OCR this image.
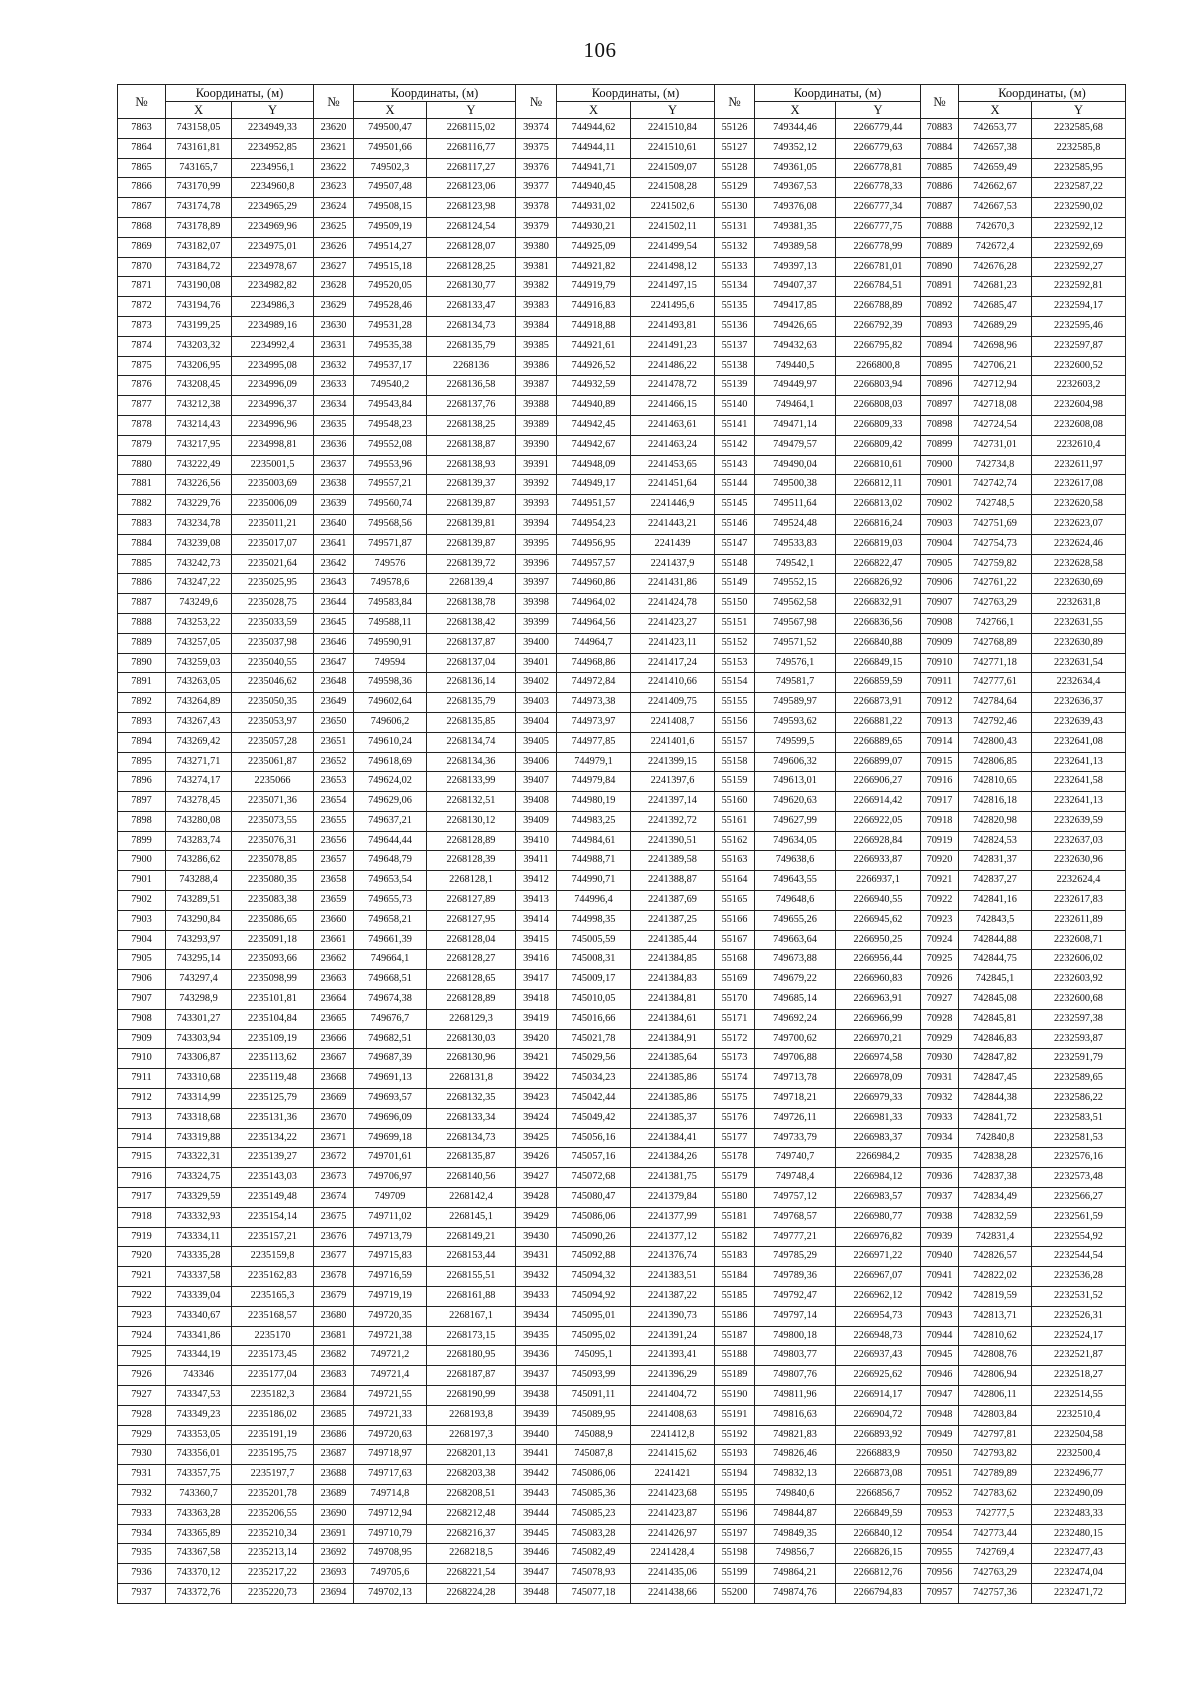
106
№	Координаты, (м)		№	Координаты, (м)		№	Координаты, (м)		№	Координаты, (м)		№	Координаты, (м)	
	X	Y		X	Y		X	Y		X	Y		X	Y
7863	743158,05	2234949,33	23620	749500,47	2268115,02	39374	744944,62	2241510,84	55126	749344,46	2266779,44	70883	742653,77	2232585,68
7864	743161,81	2234952,85	23621	749501,66	2268116,77	39375	744944,11	2241510,61	55127	749352,12	2266779,63	70884	742657,38	2232585,8
7865	743165,7	2234956,1	23622	749502,3	2268117,27	39376	744941,71	2241509,07	55128	749361,05	2266778,81	70885	742659,49	2232585,95
7866	743170,99	2234960,8	23623	749507,48	2268123,06	39377	744940,45	2241508,28	55129	749367,53	2266778,33	70886	742662,67	2232587,22
7867	743174,78	2234965,29	23624	749508,15	2268123,98	39378	744931,02	2241502,6	55130	749376,08	2266777,34	70887	742667,53	2232590,02
7868	743178,89	2234969,96	23625	749509,19	2268124,54	39379	744930,21	2241502,11	55131	749381,35	2266777,75	70888	742670,3	2232592,12
7869	743182,07	2234975,01	23626	749514,27	2268128,07	39380	744925,09	2241499,54	55132	749389,58	2266778,99	70889	742672,4	2232592,69
7870	743184,72	2234978,67	23627	749515,18	2268128,25	39381	744921,82	2241498,12	55133	749397,13	2266781,01	70890	742676,28	2232592,27
7871	743190,08	2234982,82	23628	749520,05	2268130,77	39382	744919,79	2241497,15	55134	749407,37	2266784,51	70891	742681,23	2232592,81
7872	743194,76	2234986,3	23629	749528,46	2268133,47	39383	744916,83	2241495,6	55135	749417,85	2266788,89	70892	742685,47	2232594,17
7873	743199,25	2234989,16	23630	749531,28	2268134,73	39384	744918,88	2241493,81	55136	749426,65	2266792,39	70893	742689,29	2232595,46
7874	743203,32	2234992,4	23631	749535,38	2268135,79	39385	744921,61	2241491,23	55137	749432,63	2266795,82	70894	742698,96	2232597,87
7875	743206,95	2234995,08	23632	749537,17	2268136	39386	744926,52	2241486,22	55138	749440,5	2266800,8	70895	742706,21	2232600,52
7876	743208,45	2234996,09	23633	749540,2	2268136,58	39387	744932,59	2241478,72	55139	749449,97	2266803,94	70896	742712,94	2232603,2
7877	743212,38	2234996,37	23634	749543,84	2268137,76	39388	744940,89	2241466,15	55140	749464,1	2266808,03	70897	742718,08	2232604,98
7878	743214,43	2234996,96	23635	749548,23	2268138,25	39389	744942,45	2241463,61	55141	749471,14	2266809,33	70898	742724,54	2232608,08
7879	743217,95	2234998,81	23636	749552,08	2268138,87	39390	744942,67	2241463,24	55142	749479,57	2266809,42	70899	742731,01	2232610,4
7880	743222,49	2235001,5	23637	749553,96	2268138,93	39391	744948,09	2241453,65	55143	749490,04	2266810,61	70900	742734,8	2232611,97
7881	743226,56	2235003,69	23638	749557,21	2268139,37	39392	744949,17	2241451,64	55144	749500,38	2266812,11	70901	742742,74	2232617,08
7882	743229,76	2235006,09	23639	749560,74	2268139,87	39393	744951,57	2241446,9	55145	749511,64	2266813,02	70902	742748,5	2232620,58
7883	743234,78	2235011,21	23640	749568,56	2268139,81	39394	744954,23	2241443,21	55146	749524,48	2266816,24	70903	742751,69	2232623,07
7884	743239,08	2235017,07	23641	749571,87	2268139,87	39395	744956,95	2241439	55147	749533,83	2266819,03	70904	742754,73	2232624,46
7885	743242,73	2235021,64	23642	749576	2268139,72	39396	744957,57	2241437,9	55148	749542,1	2266822,47	70905	742759,82	2232628,58
7886	743247,22	2235025,95	23643	749578,6	2268139,4	39397	744960,86	2241431,86	55149	749552,15	2266826,92	70906	742761,22	2232630,69
7887	743249,6	2235028,75	23644	749583,84	2268138,78	39398	744964,02	2241424,78	55150	749562,58	2266832,91	70907	742763,29	2232631,8
7888	743253,22	2235033,59	23645	749588,11	2268138,42	39399	744964,56	2241423,27	55151	749567,98	2266836,56	70908	742766,1	2232631,55
7889	743257,05	2235037,98	23646	749590,91	2268137,87	39400	744964,7	2241423,11	55152	749571,52	2266840,88	70909	742768,89	2232630,89
7890	743259,03	2235040,55	23647	749594	2268137,04	39401	744968,86	2241417,24	55153	749576,1	2266849,15	70910	742771,18	2232631,54
7891	743263,05	2235046,62	23648	749598,36	2268136,14	39402	744972,84	2241410,66	55154	749581,7	2266859,59	70911	742777,61	2232634,4
7892	743264,89	2235050,35	23649	749602,64	2268135,79	39403	744973,38	2241409,75	55155	749589,97	2266873,91	70912	742784,64	2232636,37
7893	743267,43	2235053,97	23650	749606,2	2268135,85	39404	744973,97	2241408,7	55156	749593,62	2266881,22	70913	742792,46	2232639,43
7894	743269,42	2235057,28	23651	749610,24	2268134,74	39405	744977,85	2241401,6	55157	749599,5	2266889,65	70914	742800,43	2232641,08
7895	743271,71	2235061,87	23652	749618,69	2268134,36	39406	744979,1	2241399,15	55158	749606,32	2266899,07	70915	742806,85	2232641,13
7896	743274,17	2235066	23653	749624,02	2268133,99	39407	744979,84	2241397,6	55159	749613,01	2266906,27	70916	742810,65	2232641,58
7897	743278,45	2235071,36	23654	749629,06	2268132,51	39408	744980,19	2241397,14	55160	749620,63	2266914,42	70917	742816,18	2232641,13
7898	743280,08	2235073,55	23655	749637,21	2268130,12	39409	744983,25	2241392,72	55161	749627,99	2266922,05	70918	742820,98	2232639,59
7899	743283,74	2235076,31	23656	749644,44	2268128,89	39410	744984,61	2241390,51	55162	749634,05	2266928,84	70919	742824,53	2232637,03
7900	743286,62	2235078,85	23657	749648,79	2268128,39	39411	744988,71	2241389,58	55163	749638,6	2266933,87	70920	742831,37	2232630,96
7901	743288,4	2235080,35	23658	749653,54	2268128,1	39412	744990,71	2241388,87	55164	749643,55	2266937,1	70921	742837,27	2232624,4
7902	743289,51	2235083,38	23659	749655,73	2268127,89	39413	744996,4	2241387,69	55165	749648,6	2266940,55	70922	742841,16	2232617,83
7903	743290,84	2235086,65	23660	749658,21	2268127,95	39414	744998,35	2241387,25	55166	749655,26	2266945,62	70923	742843,5	2232611,89
7904	743293,97	2235091,18	23661	749661,39	2268128,04	39415	745005,59	2241385,44	55167	749663,64	2266950,25	70924	742844,88	2232608,71
7905	743295,14	2235093,66	23662	749664,1	2268128,27	39416	745008,31	2241384,85	55168	749673,88	2266956,44	70925	742844,75	2232606,02
7906	743297,4	2235098,99	23663	749668,51	2268128,65	39417	745009,17	2241384,83	55169	749679,22	2266960,83	70926	742845,1	2232603,92
7907	743298,9	2235101,81	23664	749674,38	2268128,89	39418	745010,05	2241384,81	55170	749685,14	2266963,91	70927	742845,08	2232600,68
7908	743301,27	2235104,84	23665	749676,7	2268129,3	39419	745016,66	2241384,61	55171	749692,24	2266966,99	70928	742845,81	2232597,38
7909	743303,94	2235109,19	23666	749682,51	2268130,03	39420	745021,78	2241384,91	55172	749700,62	2266970,21	70929	742846,83	2232593,87
7910	743306,87	2235113,62	23667	749687,39	2268130,96	39421	745029,56	2241385,64	55173	749706,88	2266974,58	70930	742847,82	2232591,79
7911	743310,68	2235119,48	23668	749691,13	2268131,8	39422	745034,23	2241385,86	55174	749713,78	2266978,09	70931	742847,45	2232589,65
7912	743314,99	2235125,79	23669	749693,57	2268132,35	39423	745042,44	2241385,86	55175	749718,21	2266979,33	70932	742844,38	2232586,22
7913	743318,68	2235131,36	23670	749696,09	2268133,34	39424	745049,42	2241385,37	55176	749726,11	2266981,33	70933	742841,72	2232583,51
7914	743319,88	2235134,22	23671	749699,18	2268134,73	39425	745056,16	2241384,41	55177	749733,79	2266983,37	70934	742840,8	2232581,53
7915	743322,31	2235139,27	23672	749701,61	2268135,87	39426	745057,16	2241384,26	55178	749740,7	2266984,2	70935	742838,28	2232576,16
7916	743324,75	2235143,03	23673	749706,97	2268140,56	39427	745072,68	2241381,75	55179	749748,4	2266984,12	70936	742837,38	2232573,48
7917	743329,59	2235149,48	23674	749709	2268142,4	39428	745080,47	2241379,84	55180	749757,12	2266983,57	70937	742834,49	2232566,27
7918	743332,93	2235154,14	23675	749711,02	2268145,1	39429	745086,06	2241377,99	55181	749768,57	2266980,77	70938	742832,59	2232561,59
7919	743334,11	2235157,21	23676	749713,79	2268149,21	39430	745090,26	2241377,12	55182	749777,21	2266976,82	70939	742831,4	2232554,92
7920	743335,28	2235159,8	23677	749715,83	2268153,44	39431	745092,88	2241376,74	55183	749785,29	2266971,22	70940	742826,57	2232544,54
7921	743337,58	2235162,83	23678	749716,59	2268155,51	39432	745094,32	2241383,51	55184	749789,36	2266967,07	70941	742822,02	2232536,28
7922	743339,04	2235165,3	23679	749719,19	2268161,88	39433	745094,92	2241387,22	55185	749792,47	2266962,12	70942	742819,59	2232531,52
7923	743340,67	2235168,57	23680	749720,35	2268167,1	39434	745095,01	2241390,73	55186	749797,14	2266954,73	70943	742813,71	2232526,31
7924	743341,86	2235170	23681	749721,38	2268173,15	39435	745095,02	2241391,24	55187	749800,18	2266948,73	70944	742810,62	2232524,17
7925	743344,19	2235173,45	23682	749721,2	2268180,95	39436	745095,1	2241393,41	55188	749803,77	2266937,43	70945	742808,76	2232521,87
7926	743346	2235177,04	23683	749721,4	2268187,87	39437	745093,99	2241396,29	55189	749807,76	2266925,62	70946	742806,94	2232518,27
7927	743347,53	2235182,3	23684	749721,55	2268190,99	39438	745091,11	2241404,72	55190	749811,96	2266914,17	70947	742806,11	2232514,55
7928	743349,23	2235186,02	23685	749721,33	2268193,8	39439	745089,95	2241408,63	55191	749816,63	2266904,72	70948	742803,84	2232510,4
7929	743353,05	2235191,19	23686	749720,63	2268197,3	39440	745088,9	2241412,8	55192	749821,83	2266893,92	70949	742797,81	2232504,58
7930	743356,01	2235195,75	23687	749718,97	2268201,13	39441	745087,8	2241415,62	55193	749826,46	2266883,9	70950	742793,82	2232500,4
7931	743357,75	2235197,7	23688	749717,63	2268203,38	39442	745086,06	2241421	55194	749832,13	2266873,08	70951	742789,89	2232496,77
7932	743360,7	2235201,78	23689	749714,8	2268208,51	39443	745085,36	2241423,68	55195	749840,6	2266856,7	70952	742783,62	2232490,09
7933	743363,28	2235206,55	23690	749712,94	2268212,48	39444	745085,23	2241423,87	55196	749844,87	2266849,59	70953	742777,5	2232483,33
7934	743365,89	2235210,34	23691	749710,79	2268216,37	39445	745083,28	2241426,97	55197	749849,35	2266840,12	70954	742773,44	2232480,15
7935	743367,58	2235213,14	23692	749708,95	2268218,5	39446	745082,49	2241428,4	55198	749856,7	2266826,15	70955	742769,4	2232477,43
7936	743370,12	2235217,22	23693	749705,6	2268221,54	39447	745078,93	2241435,06	55199	749864,21	2266812,76	70956	742763,29	2232474,04
7937	743372,76	2235220,73	23694	749702,13	2268224,28	39448	745077,18	2241438,66	55200	749874,76	2266794,83	70957	742757,36	2232471,72
